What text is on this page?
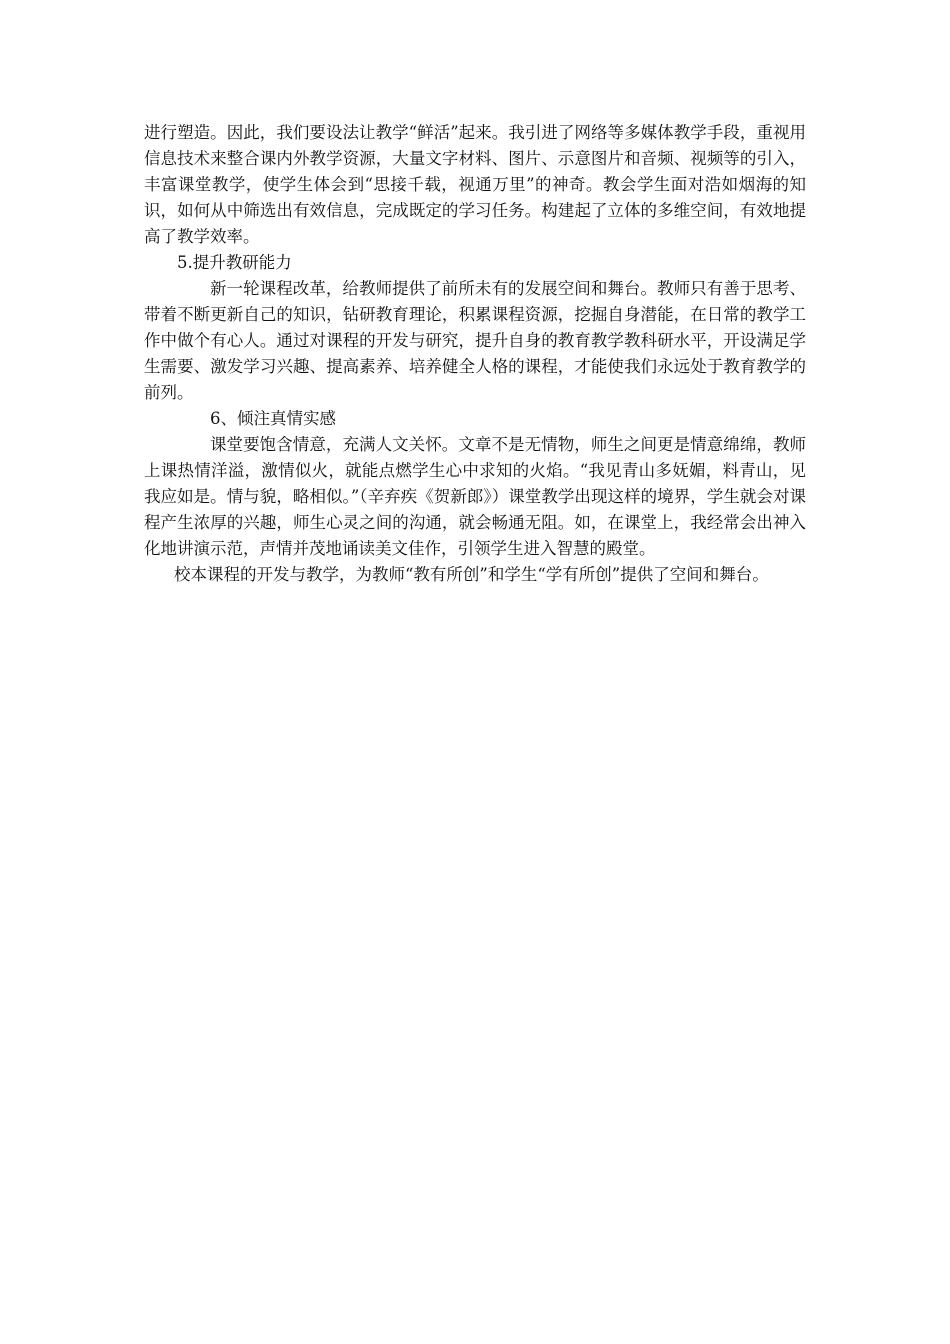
进行塑造。因此，我们要设法让教学“鲜活”起来。我引进了网络等多媒体教学手段，重视用信息技术来整合课内外教学资源，大量文字材料、图片、示意图片和音频、视频等的引入，丰富课堂教学，使学生体会到“思接千载，视通万里”的神奇。教会学生面对浩如烟海的知识，如何从中筛选出有效信息，完成既定的学习任务。构建起了立体的多维空间，有效地提高了教学效率。

5.提升教研能力

新一轮课程改革，给教师提供了前所未有的发展空间和舞台。教师只有善于思考、带着不断更新自己的知识，钻研教育理论，积累课程资源，挖掘自身潜能，在日常的教学工作中做个有心人。通过对课程的开发与研究，提升自身的教育教学教科研水平，开设满足学生需要、激发学习兴趣、提高素养、培养健全人格的课程，才能使我们永远处于教育教学的前列。

6、倾注真情实感

课堂要饱含情意，充满人文关怀。文章不是无情物，师生之间更是情意绵绵，教师上课热情洋溢，激情似火，就能点燃学生心中求知的火焰。“我见青山多妩媚，料青山，见我应如是。情与貌，略相似。”（辛弃疾《贺新郎》）课堂教学出现这样的境界，学生就会对课程产生浓厚的兴趣，师生心灵之间的沟通，就会畅通无阻。如，在课堂上，我经常会出神入化地讲演示范，声情并茂地诵读美文佳作，引领学生进入智慧的殿堂。

校本课程的开发与教学，为教师“教有所创”和学生“学有所创”提供了空间和舞台。
